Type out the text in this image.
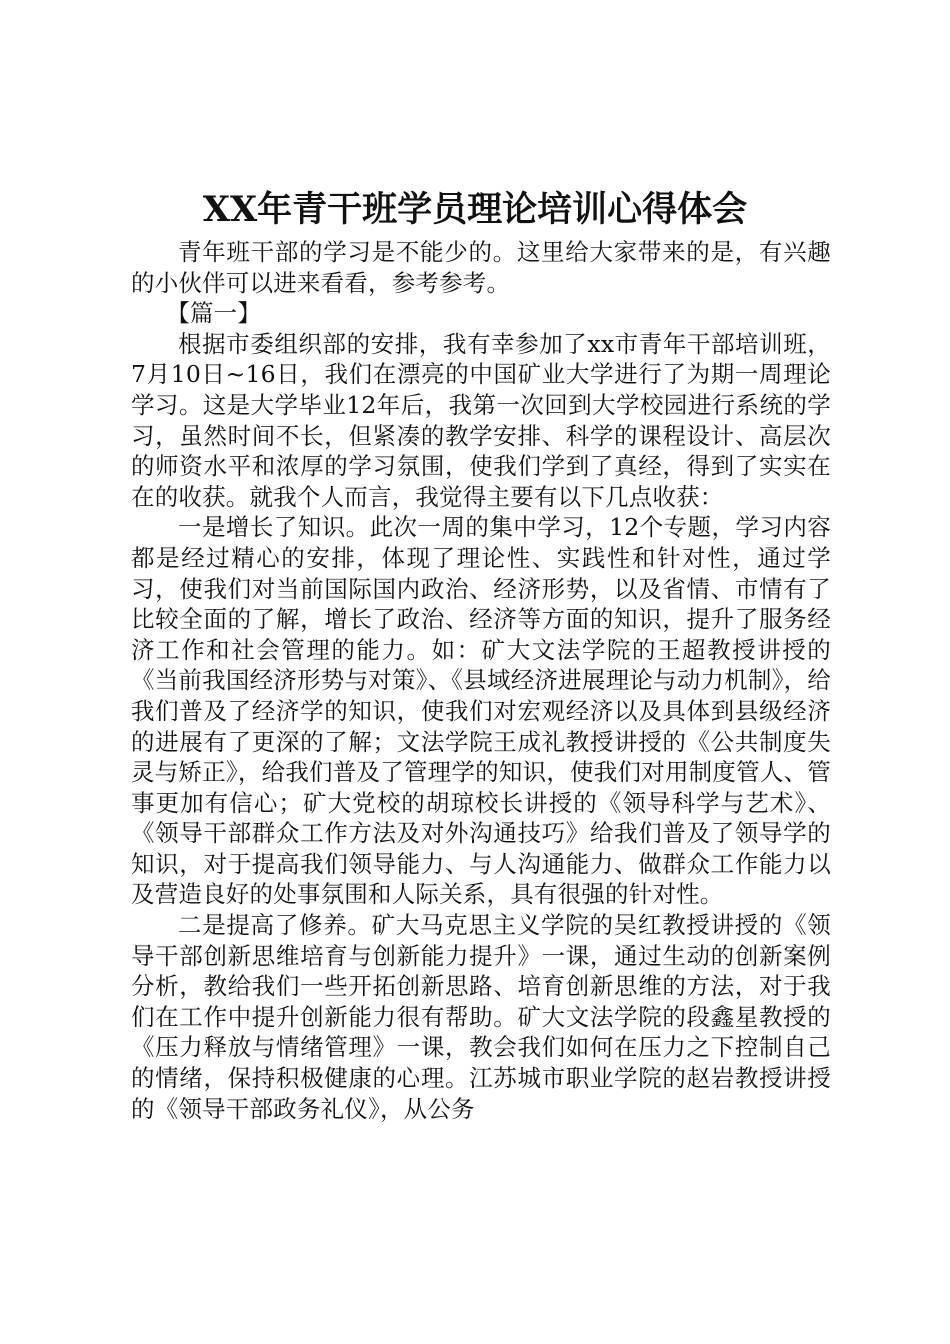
XX年青干班学员理论培训心得体会

青年班干部的学习是不能少的。这里给大家带来的是，有兴趣的小伙伴可以进来看看，参考参考。

【篇一】

根据市委组织部的安排，我有幸参加了xx市青年干部培训班，7月10日~16日，我们在漂亮的中国矿业大学进行了为期一周理论学习。这是大学毕业12年后，我第一次回到大学校园进行系统的学习，虽然时间不长，但紧凑的教学安排、科学的课程设计、高层次的师资水平和浓厚的学习氛围，使我们学到了真经，得到了实实在在的收获。就我个人而言，我觉得主要有以下几点收获：

一是增长了知识。此次一周的集中学习，12个专题，学习内容都是经过精心的安排，体现了理论性、实践性和针对性，通过学习，使我们对当前国际国内政治、经济形势，以及省情、市情有了比较全面的了解，增长了政治、经济等方面的知识，提升了服务经济工作和社会管理的能力。如：矿大文法学院的王超教授讲授的《当前我国经济形势与对策》、《县域经济进展理论与动力机制》，给我们普及了经济学的知识，使我们对宏观经济以及具体到县级经济的进展有了更深的了解；文法学院王成礼教授讲授的《公共制度失灵与矫正》，给我们普及了管理学的知识，使我们对用制度管人、管事更加有信心；矿大党校的胡琼校长讲授的《领导科学与艺术》、《领导干部群众工作方法及对外沟通技巧》给我们普及了领导学的知识，对于提高我们领导能力、与人沟通能力、做群众工作能力以及营造良好的处事氛围和人际关系，具有很强的针对性。

二是提高了修养。矿大马克思主义学院的吴红教授讲授的《领导干部创新思维培育与创新能力提升》一课，通过生动的创新案例分析，教给我们一些开拓创新思路、培育创新思维的方法，对于我们在工作中提升创新能力很有帮助。矿大文法学院的段鑫星教授的《压力释放与情绪管理》一课，教会我们如何在压力之下控制自己的情绪，保持积极健康的心理。江苏城市职业学院的赵岩教授讲授的《领导干部政务礼仪》，从公务
